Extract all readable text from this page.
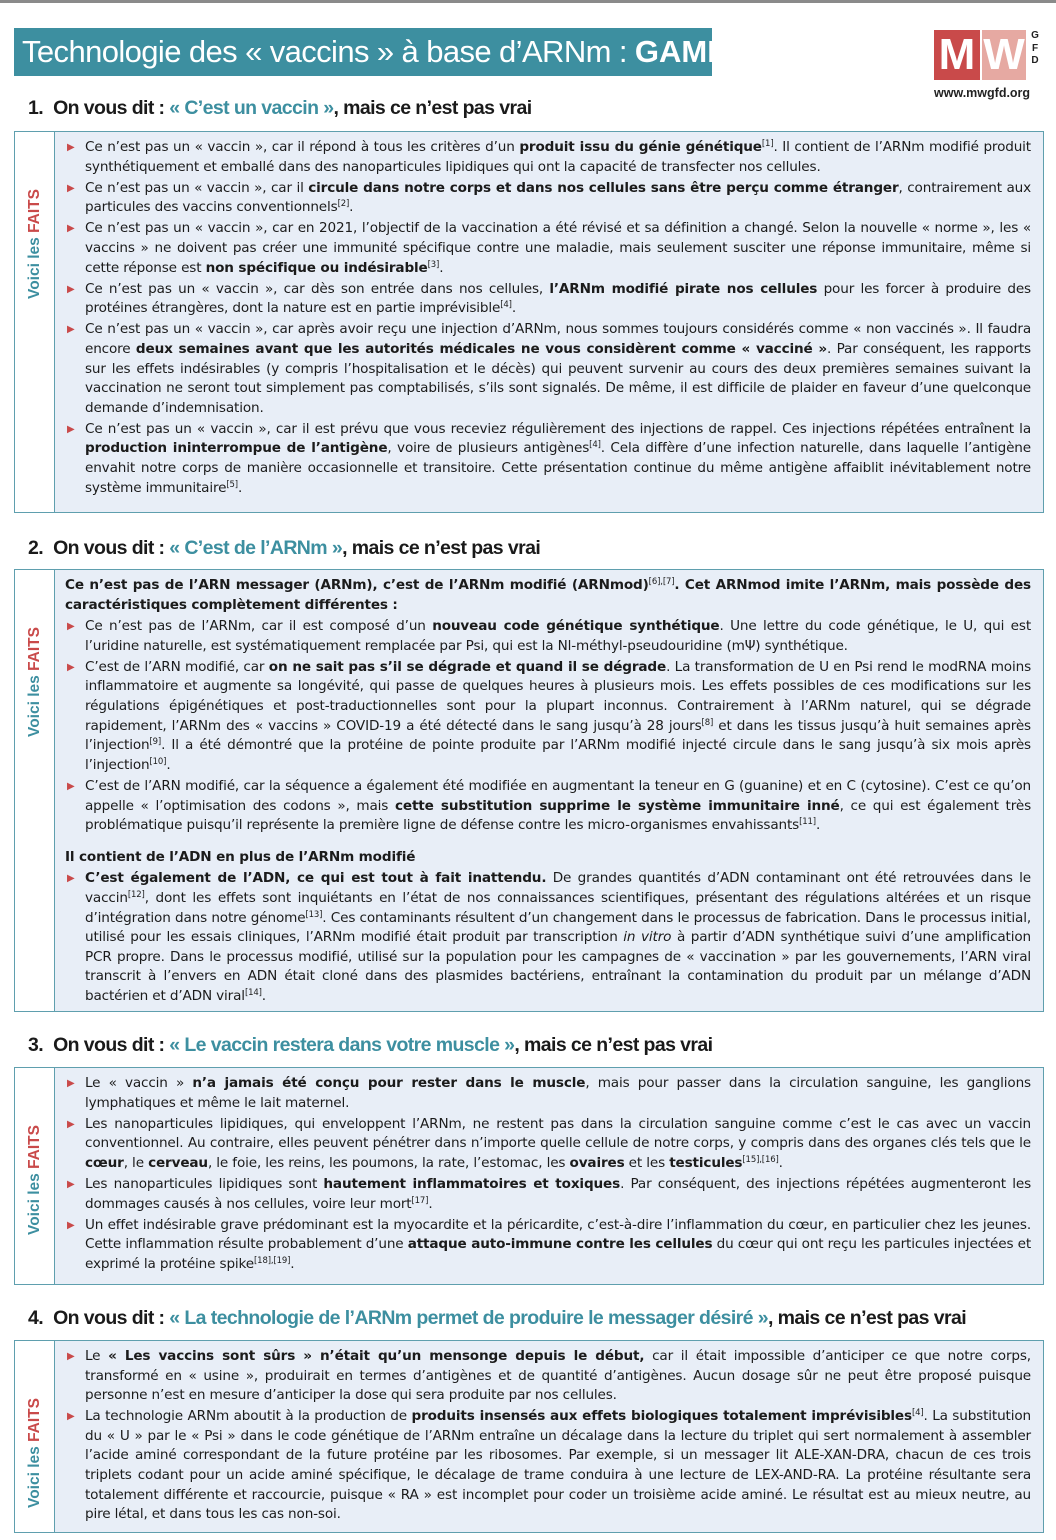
Technologie des « vaccins » à base d’ARNm : GAME OVER	M W G
F
D
www.mwgfd.org
1. On vous dit : « C’est un vaccin », mais ce n’est pas vrai
Voici les FAITS
▶ Ce n’est pas un « vaccin », car il répond à tous les critères d’un produit issu du génie génétique[1]. Il contient de l’ARNm modifié produit synthétiquement et emballé dans des nanoparticules lipidiques qui ont la capacité de transfecter nos cellules.
▶ Ce n’est pas un « vaccin », car il circule dans notre corps et dans nos cellules sans être perçu comme étranger, contrairement aux particules des vaccins conventionnels[2].
▶ Ce n’est pas un « vaccin », car en 2021, l’objectif de la vaccination a été révisé et sa définition a changé. Selon la nouvelle « norme », les « vaccins » ne doivent pas créer une immunité spécifique contre une maladie, mais seulement susciter une réponse immunitaire, même si cette réponse est non spécifique ou indésirable[3].
▶ Ce n’est pas un « vaccin », car dès son entrée dans nos cellules, l’ARNm modifié pirate nos cellules pour les forcer à produire des protéines étrangères, dont la nature est en partie imprévisible[4].
▶ Ce n’est pas un « vaccin », car après avoir reçu une injection d’ARNm, nous sommes toujours considérés comme « non vaccinés ». Il faudra encore deux semaines avant que les autorités médicales ne vous considèrent comme « vacciné ». Par conséquent, les rapports sur les effets indésirables (y compris l’hospitalisation et le décès) qui peuvent survenir au cours des deux premières semaines suivant la vaccination ne seront tout simplement pas comptabilisés, s’ils sont signalés. De même, il est difficile de plaider en faveur d’une quelconque demande d’indemnisation.
▶ Ce n’est pas un « vaccin », car il est prévu que vous receviez régulièrement des injections de rappel. Ces injections répétées entraînent la production ininterrompue de l’antigène, voire de plusieurs antigènes[4]. Cela diffère d’une infection naturelle, dans laquelle l’antigène envahit notre corps de manière occasionnelle et transitoire. Cette présentation continue du même antigène affaiblit inévitablement notre système immunitaire[5].
2. On vous dit : « C’est de l’ARNm », mais ce n’est pas vrai
Voici les FAITS
Ce n’est pas de l’ARN messager (ARNm), c’est de l’ARNm modifié (ARNmod)[6],[7]. Cet ARNmod imite l’ARNm, mais possède des caractéristiques complètement différentes :
▶ Ce n’est pas de l’ARNm, car il est composé d’un nouveau code génétique synthétique. Une lettre du code génétique, le U, qui est l’uridine naturelle, est systématiquement remplacée par Psi, qui est la Nl-méthyl-pseudouridine (mΨ) synthétique.
▶ C’est de l’ARN modifié, car on ne sait pas s’il se dégrade et quand il se dégrade. La transformation de U en Psi rend le modRNA moins inflammatoire et augmente sa longévité, qui passe de quelques heures à plusieurs mois. Les effets possibles de ces modifications sur les régulations épigénétiques et post-traductionnelles sont pour la plupart inconnus. Contrairement à l’ARNm naturel, qui se dégrade rapidement, l’ARNm des « vaccins » COVID-19 a été détecté dans le sang jusqu’à 28 jours[8] et dans les tissus jusqu’à huit semaines après l’injection[9]. Il a été démontré que la protéine de pointe produite par l’ARNm modifié injecté circule dans le sang jusqu’à six mois après l’injection[10].
▶ C’est de l’ARN modifié, car la séquence a également été modifiée en augmentant la teneur en G (guanine) et en C (cytosine). C’est ce qu’on appelle « l’optimisation des codons », mais cette substitution supprime le système immunitaire inné, ce qui est également très problématique puisqu’il représente la première ligne de défense contre les micro-organismes envahissants[11].
Il contient de l’ADN en plus de l’ARNm modifié
▶ C’est également de l’ADN, ce qui est tout à fait inattendu. De grandes quantités d’ADN contaminant ont été retrouvées dans le vaccin[12], dont les effets sont inquiétants en l’état de nos connaissances scientifiques, présentant des régulations altérées et un risque d’intégration dans notre génome[13]. Ces contaminants résultent d’un changement dans le processus de fabrication. Dans le processus initial, utilisé pour les essais cliniques, l’ARNm modifié était produit par transcription in vitro à partir d’ADN synthétique suivi d’une amplification PCR propre. Dans le processus modifié, utilisé sur la population pour les campagnes de « vaccination » par les gouvernements, l’ARN viral transcrit à l’envers en ADN était cloné dans des plasmides bactériens, entraînant la contamination du produit par un mélange d’ADN bactérien et d’ADN viral[14].
3. On vous dit : « Le vaccin restera dans votre muscle », mais ce n’est pas vrai
Voici les FAITS
▶ Le « vaccin » n’a jamais été conçu pour rester dans le muscle, mais pour passer dans la circulation sanguine, les ganglions lymphatiques et même le lait maternel.
▶ Les nanoparticules lipidiques, qui enveloppent l’ARNm, ne restent pas dans la circulation sanguine comme c’est le cas avec un vaccin conventionnel. Au contraire, elles peuvent pénétrer dans n’importe quelle cellule de notre corps, y compris dans des organes clés tels que le cœur, le cerveau, le foie, les reins, les poumons, la rate, l’estomac, les ovaires et les testicules[15],[16].
▶ Les nanoparticules lipidiques sont hautement inflammatoires et toxiques. Par conséquent, des injections répétées augmenteront les dommages causés à nos cellules, voire leur mort[17].
▶ Un effet indésirable grave prédominant est la myocardite et la péricardite, c’est-à-dire l’inflammation du cœur, en particulier chez les jeunes. Cette inflammation résulte probablement d’une attaque auto-immune contre les cellules du cœur qui ont reçu les particules injectées et exprimé la protéine spike[18],[19].
4. On vous dit : « La technologie de l’ARNm permet de produire le messager désiré », mais ce n’est pas vrai
Voici les FAITS
▶ Le « Les vaccins sont sûrs » n’était qu’un mensonge depuis le début, car il était impossible d’anticiper ce que notre corps, transformé en « usine », produirait en termes d’antigènes et de quantité d’antigènes. Aucun dosage sûr ne peut être proposé puisque personne n’est en mesure d’anticiper la dose qui sera produite par nos cellules.
▶ La technologie ARNm aboutit à la production de produits insensés aux effets biologiques totalement imprévisibles[4]. La substitution du « U » par le « Psi » dans le code génétique de l’ARNm entraîne un décalage dans la lecture du triplet qui sert normalement à assembler l’acide aminé correspondant de la future protéine par les ribosomes. Par exemple, si un messager lit ALE-XAN-DRA, chacun de ces trois triplets codant pour un acide aminé spécifique, le décalage de trame conduira à une lecture de LEX-AND-RA. La protéine résultante sera totalement différente et raccourcie, puisque « RA » est incomplet pour coder un troisième acide aminé. Le résultat est au mieux neutre, au pire létal, et dans tous les cas non-soi.
